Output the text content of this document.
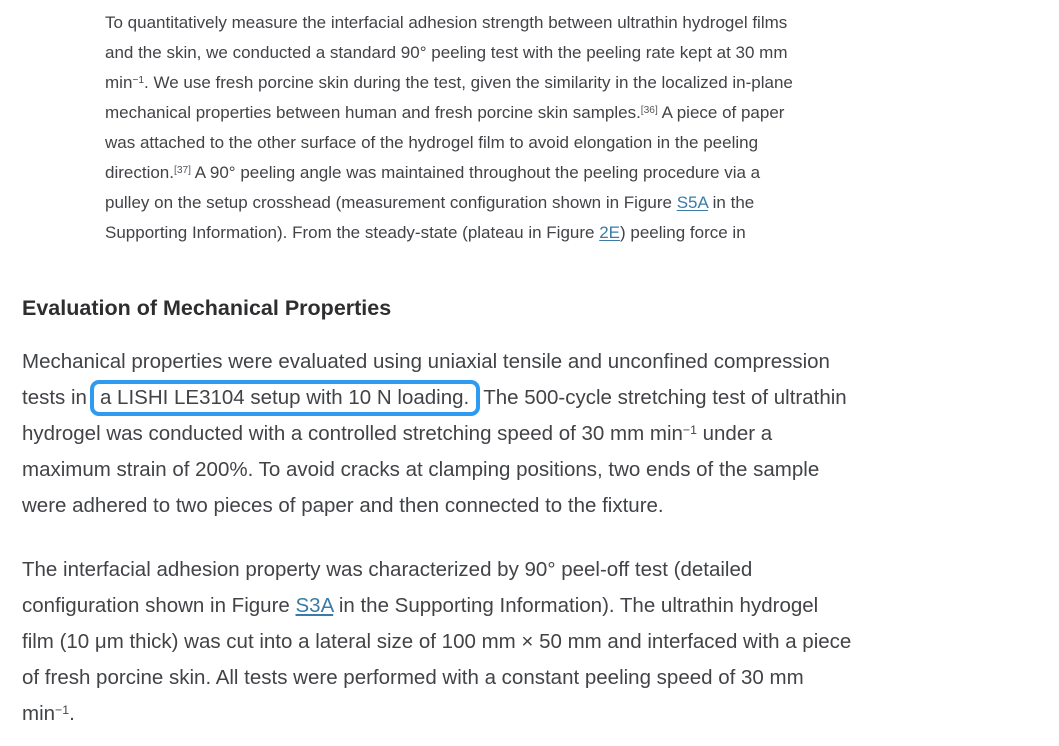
To quantitatively measure the interfacial adhesion strength between ultrathin hydrogel films
and the skin, we conducted a standard 90° peeling test with the peeling rate kept at 30 mm
$\min^{-1}$. We use fresh porcine skin during the test, given the similarity in the localized in-plane
mechanical properties between human and fresh porcine skin samples.[36] A piece of paper
was attached to the other surface of the hydrogel film to avoid elongation in the peeling
direction.[37] A 90° peeling angle was maintained throughout the peeling procedure via a
pulley on the setup crosshead (measurement configuration shown in Figure S5A in the
Supporting Information). From the steady-state (plateau in Figure 2E) peeling force in
Evaluation of Mechanical Properties
Mechanical properties were evaluated using uniaxial tensile and unconfined compression
tests in a LISHI LE3104 setup with 10 N loading. The 500-cycle stretching test of ultrathin
hydrogel was conducted with a controlled stretching speed of 30 mm $\min^{-1}$ under a
maximum strain of 200%. To avoid cracks at clamping positions, two ends of the sample
were adhered to two pieces of paper and then connected to the fixture.
The interfacial adhesion property was characterized by 90° peel-off test (detailed
configuration shown in Figure S3A in the Supporting Information). The ultrathin hydrogel
film (10 μm thick) was cut into a lateral size of 100 mm × 50 mm and interfaced with a piece
of fresh porcine skin. All tests were performed with a constant peeling speed of 30 mm
$\min^{-1}$.
